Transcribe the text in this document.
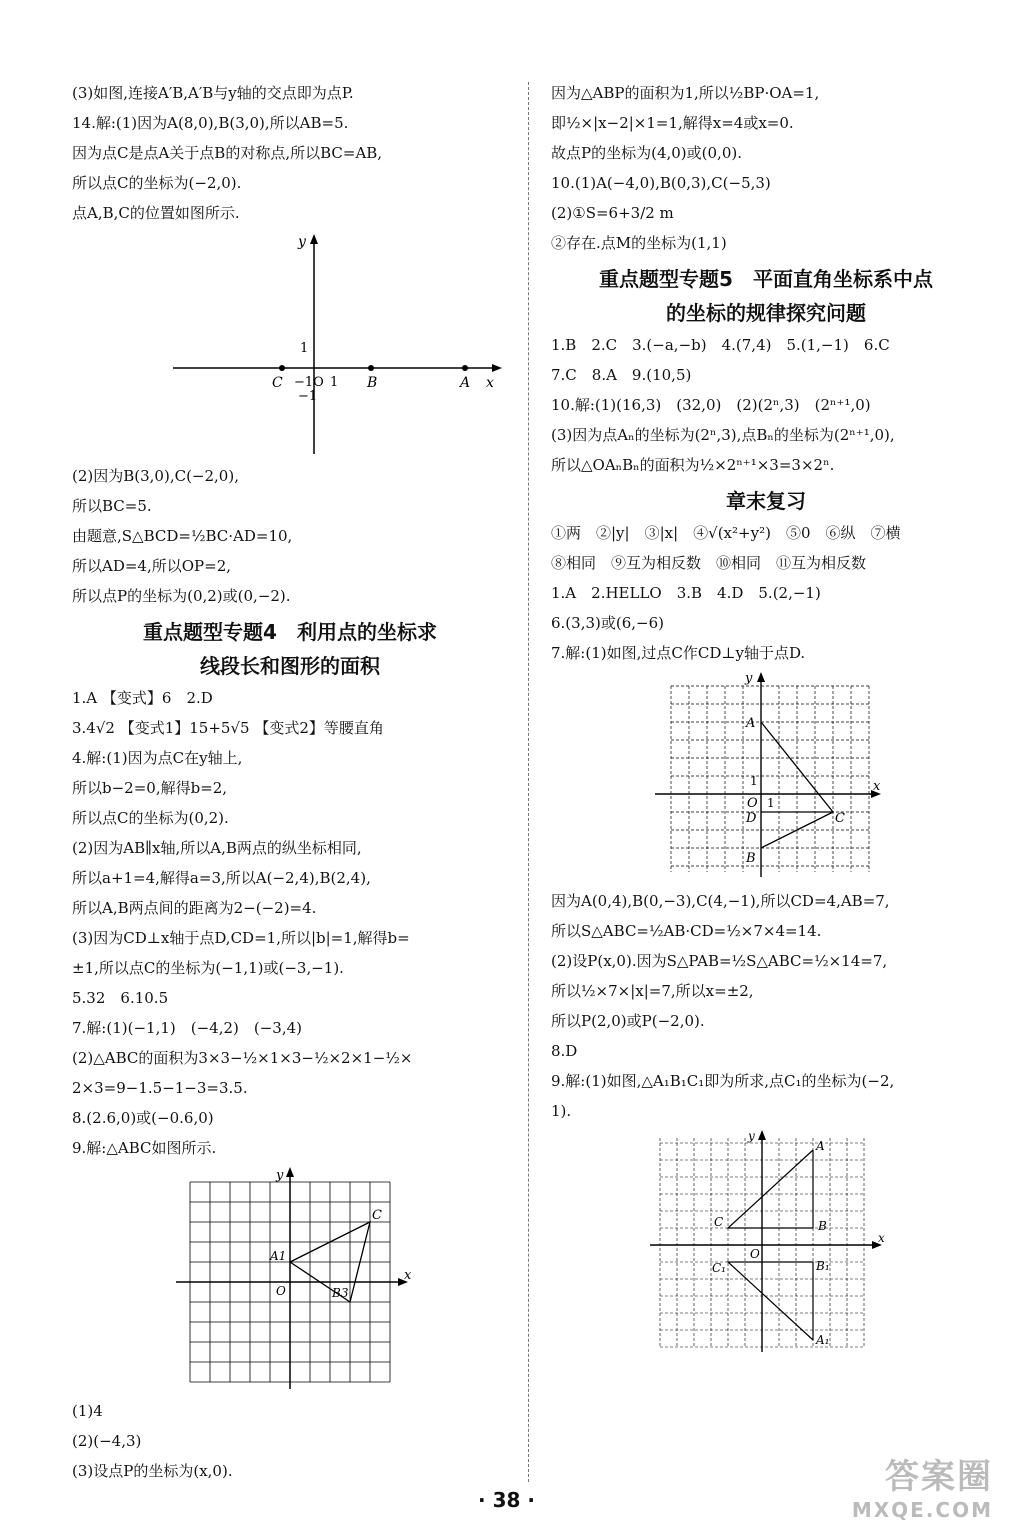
(3)如图,连接A′B,A′B与y轴的交点即为点P.
14.解:(1)因为A(8,0),B(3,0),所以AB=5.
因为点C是点A关于点B的对称点,所以BC=AB,
所以点C的坐标为(−2,0).
点A,B,C的位置如图所示.
y
x
1
−1O
−1
1
C	B	A
(2)因为B(3,0),C(−2,0),
所以BC=5.
由题意,S△BCD=½BC·AD=10,
所以AD=4,所以OP=2,
所以点P的坐标为(0,2)或(0,−2).
重点题型专题4　利用点的坐标求
线段长和图形的面积
1.A 【变式】6　2.D
3.4√2 【变式1】15+5√5 【变式2】等腰直角
4.解:(1)因为点C在y轴上,
所以b−2=0,解得b=2,
所以点C的坐标为(0,2).
(2)因为AB∥x轴,所以A,B两点的纵坐标相同,
所以a+1=4,解得a=3,所以A(−2,4),B(2,4),
所以A,B两点间的距离为2−(−2)=4.
(3)因为CD⊥x轴于点D,CD=1,所以|b|=1,解得b=
±1,所以点C的坐标为(−1,1)或(−3,−1).
5.32　6.10.5
7.解:(1)(−1,1)　(−4,2)　(−3,4)
(2)△ABC的面积为3×3−½×1×3−½×2×1−½×
2×3=9−1.5−1−3=3.5.
8.(2.6,0)或(−0.6,0)
9.解:△ABC如图所示.
y
x
O
A1
B3
C
(1)4
(2)(−4,3)
(3)设点P的坐标为(x,0).
因为△ABP的面积为1,所以½BP·OA=1,
即½×|x−2|×1=1,解得x=4或x=0.
故点P的坐标为(4,0)或(0,0).
10.(1)A(−4,0),B(0,3),C(−5,3)
(2)①S=6+3/2 m
②存在.点M的坐标为(1,1)
重点题型专题5　平面直角坐标系中点
的坐标的规律探究问题
1.B　2.C　3.(−a,−b)　4.(7,4)　5.(1,−1)　6.C
7.C　8.A　9.(10,5)
10.解:(1)(16,3)　(32,0)　(2)(2ⁿ,3)　(2ⁿ⁺¹,0)
(3)因为点Aₙ的坐标为(2ⁿ,3),点Bₙ的坐标为(2ⁿ⁺¹,0),
所以△OAₙBₙ的面积为½×2ⁿ⁺¹×3=3×2ⁿ.
章末复习
①两　②|y|　③|x|　④√(x²+y²)　⑤0　⑥纵　⑦横
⑧相同　⑨互为相反数　⑩相同　⑪互为相反数
1.A　2.HELLO　3.B　4.D　5.(2,−1)
6.(3,3)或(6,−6)
7.解:(1)如图,过点C作CD⊥y轴于点D.
y
x
A
O
1
1
D	C
B
因为A(0,4),B(0,−3),C(4,−1),所以CD=4,AB=7,
所以S△ABC=½AB·CD=½×7×4=14.
(2)设P(x,0).因为S△PAB=½S△ABC=½×14=7,
所以½×7×|x|=7,所以x=±2,
所以P(2,0)或P(−2,0).
8.D
9.解:(1)如图,△A₁B₁C₁即为所求,点C₁的坐标为(−2,
1).
y
x
O
A
B
C
A₁
B₁
C₁
· 38 ·
答案圈
MXQE.COM
